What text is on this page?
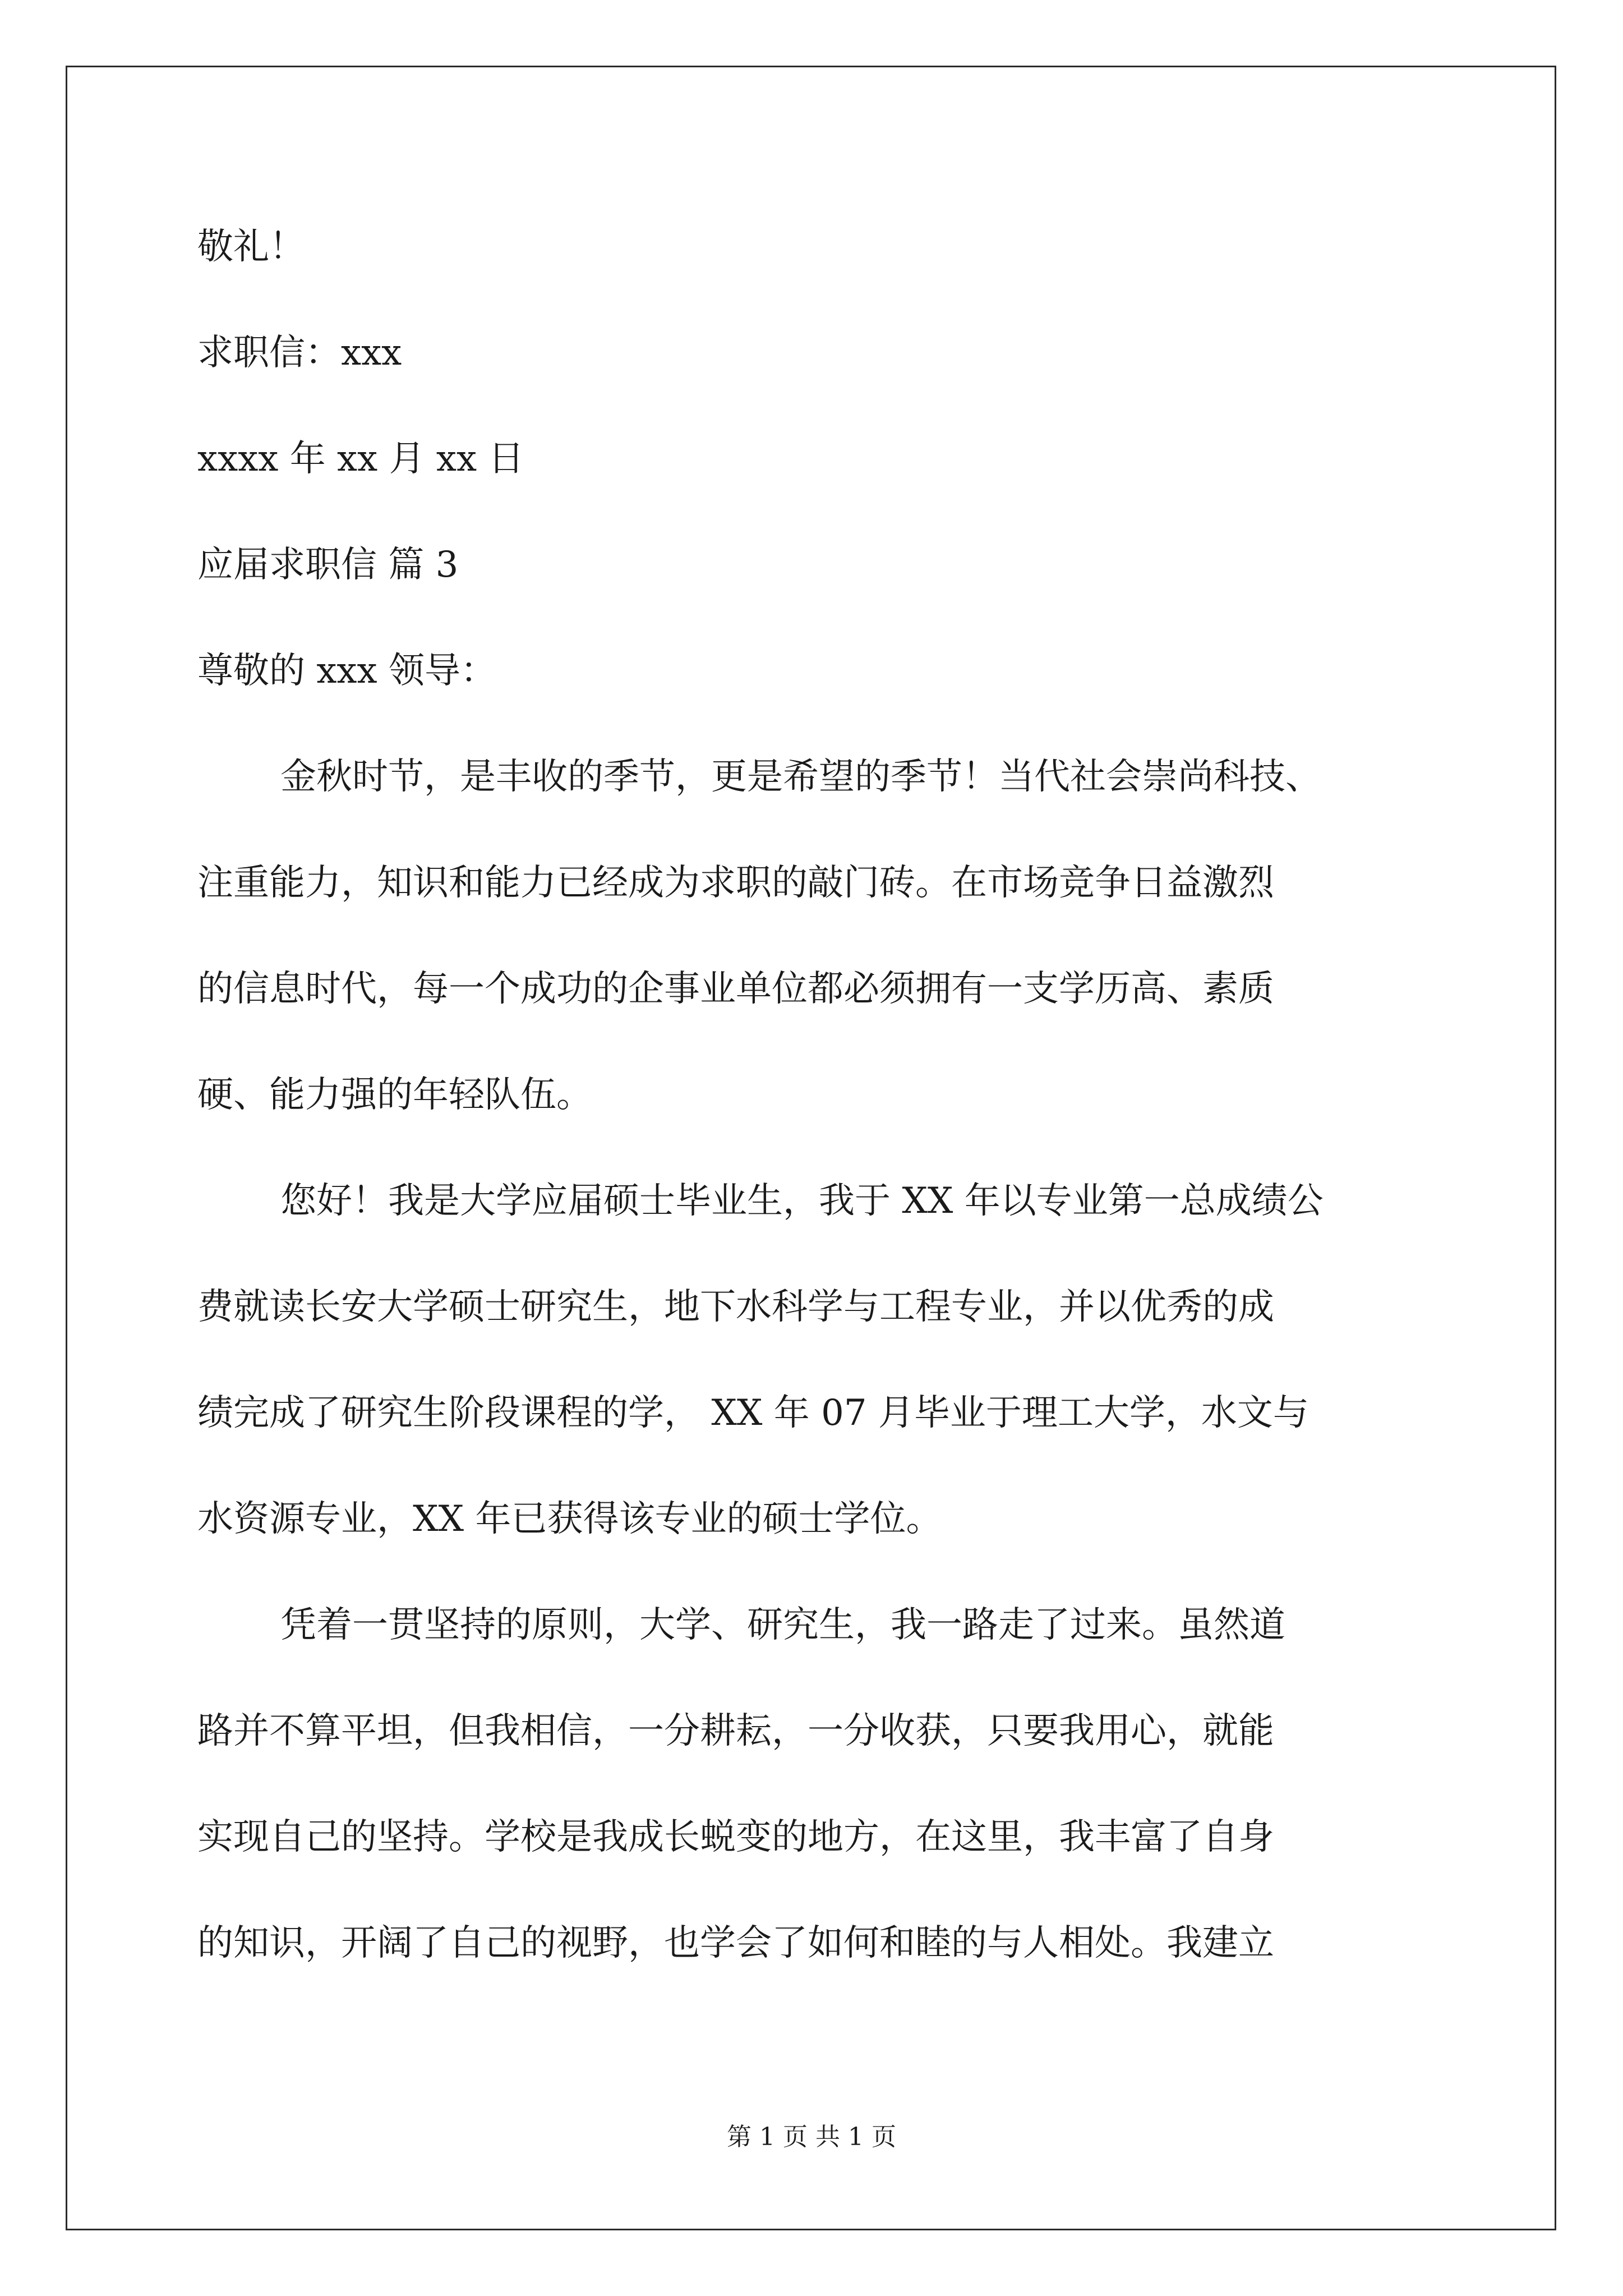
敬礼！

求职信：xxx

xxxx 年 xx 月 xx 日

应届求职信 篇 3

尊敬的 xxx 领导：

金秋时节，是丰收的季节，更是希望的季节！当代社会崇尚科技、

注重能力，知识和能力已经成为求职的敲门砖。在市场竞争日益激烈

的信息时代，每一个成功的企事业单位都必须拥有一支学历高、素质

硬、能力强的年轻队伍。

您好！我是大学应届硕士毕业生，我于 XX 年以专业第一总成绩公

费就读长安大学硕士研究生，地下水科学与工程专业，并以优秀的成

绩完成了研究生阶段课程的学， XX 年 07 月毕业于理工大学，水文与

水资源专业，XX 年已获得该专业的硕士学位。

凭着一贯坚持的原则，大学、研究生，我一路走了过来。虽然道

路并不算平坦，但我相信，一分耕耘，一分收获，只要我用心，就能

实现自己的坚持。学校是我成长蜕变的地方，在这里，我丰富了自身

的知识，开阔了自己的视野，也学会了如何和睦的与人相处。我建立

第 1 页 共 1 页
